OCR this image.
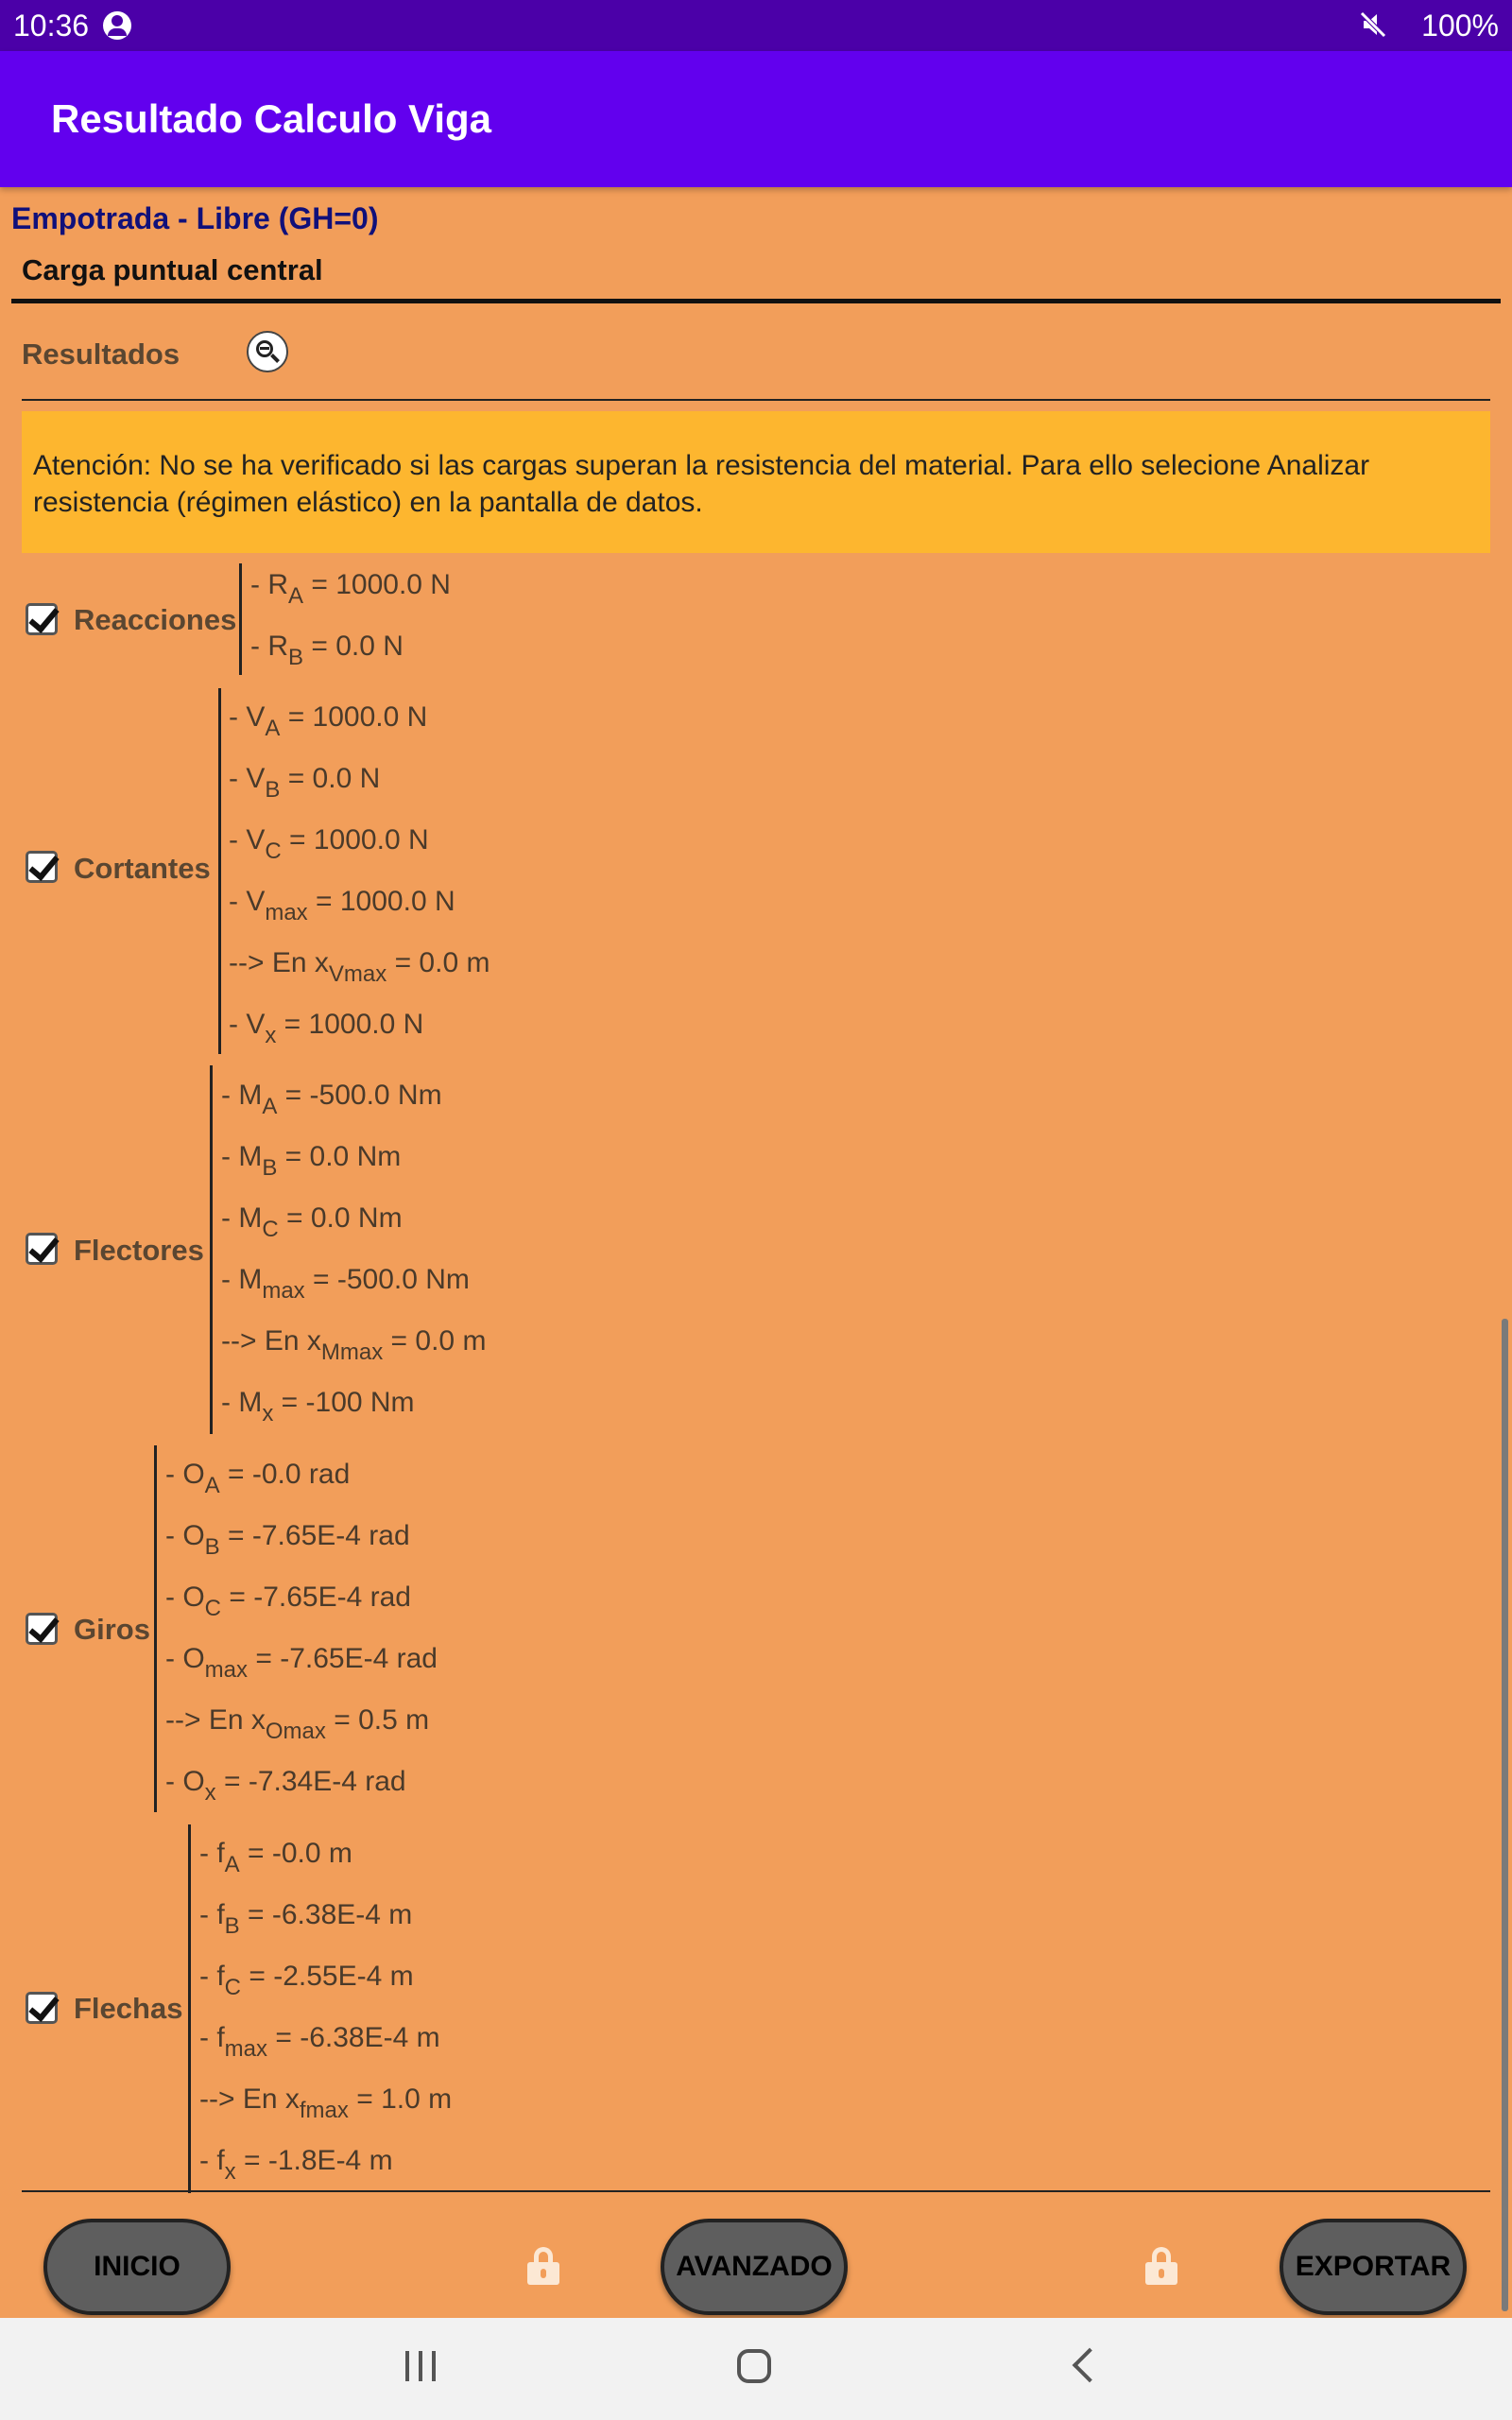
10:36	100%
Resultado Calculo Viga
Empotrada - Libre (GH=0)
Carga puntual central
Resultados
Atención: No se ha verificado si las cargas superan la resistencia del material. Para ello selecione Analizar resistencia (régimen elástico) en la pantalla de datos.
Reacciones
- $R_A = 1000.0$ N
- $R_B = 0.0$ N
Cortantes
- $V_A = 1000.0$ N
- $V_B = 0.0$ N
- $V_C = 1000.0$ N
- $V_{max} = 1000.0$ N
--> En $x_{Vmax} = 0.0$ m
- $V_x = 1000.0$ N
Flectores
- $M_A = -500.0$ Nm
- $M_B = 0.0$ Nm
- $M_C = 0.0$ Nm
- $M_{max} = -500.0$ Nm
--> En $x_{Mmax} = 0.0$ m
- $M_x = -100$ Nm
Giros
- $O_A = -0.0$ rad
- $O_B = -7.65E-4$ rad
- $O_C = -7.65E-4$ rad
- $O_{max} = -7.65E-4$ rad
--> En $x_{Omax} = 0.5$ m
- $O_x = -7.34E-4$ rad
Flechas
- $f_A = -0.0$ m
- $f_B = -6.38E-4$ m
- $f_C = -2.55E-4$ m
- $f_{max} = -6.38E-4$ m
--> En $x_{fmax} = 1.0$ m
- $f_x = -1.8E-4$ m
INICIO	AVANZADO	EXPORTAR
